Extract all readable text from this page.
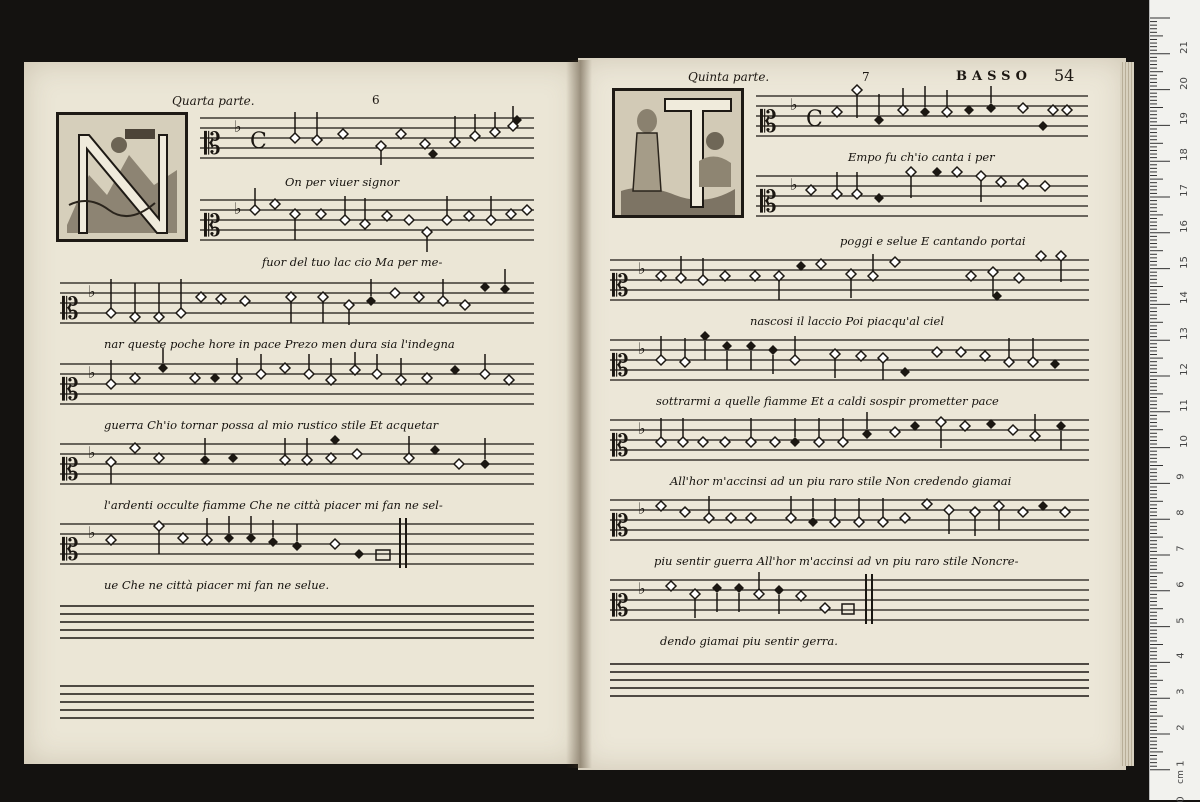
Quarta parte.	6
𝄡
♭
C
On per viuer signor
𝄡
♭
fuor del tuo lac cio Ma per me-
𝄡
♭
nar queste poche hore in pace Prezo men dura sia l'indegna
𝄡
♭
guerra Ch'io tornar possa al mio rustico stile Et acquetar
𝄡
♭
l'ardenti occulte fiamme Che ne città piacer mi fan ne sel-
𝄡
♭
ue Che ne città piacer mi fan ne selue.
Quinta parte.	7	BASSO 54
𝄡
♭
C
Empo fu ch'io canta i per
𝄡
♭
poggi e selue E cantando portai
𝄡
♭
nascosi il laccio Poi piacqu'al ciel
𝄡
♭
sottrarmi a quelle fiamme Et a caldi sospir prometter pace
𝄡
♭
All'hor m'accinsi ad un piu raro stile Non credendo giamai
𝄡
♭
piu sentir guerra All'hor m'accinsi ad vn piu raro stile Noncre-
𝄡
♭
dendo giamai piu sentir gerra.
21
20
19
18
17
16
15
14
13
12
11
10
9
8
7
6
5
4
3
2
1
0
cm
